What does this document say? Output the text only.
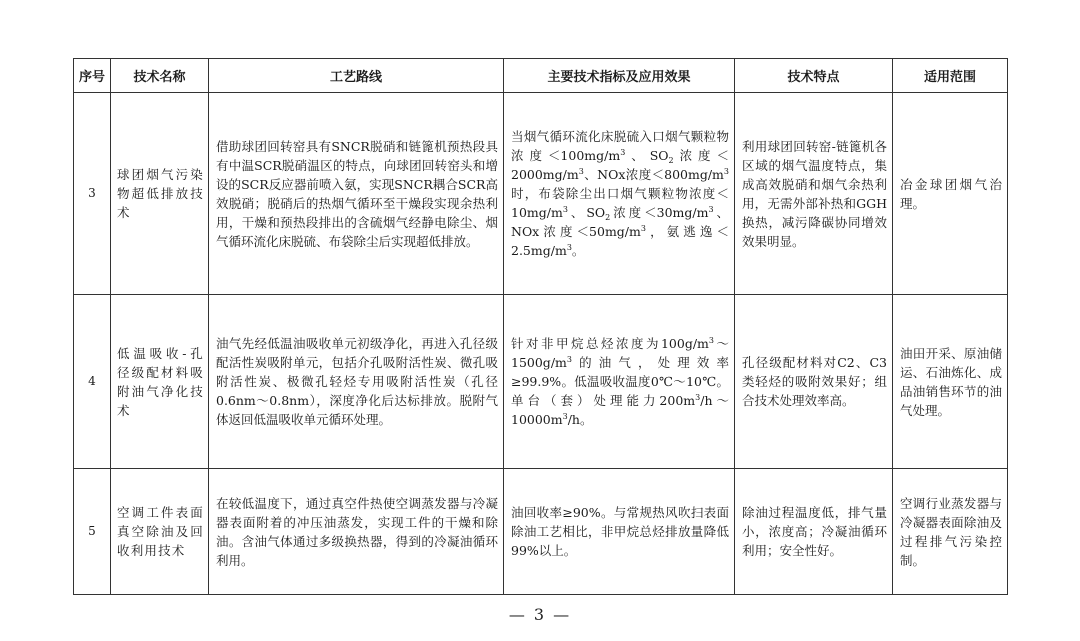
序号	技术名称	工艺路线	主要技术指标及应用效果	技术特点	适用范围
3	球团烟气污染物超低排放技术	借助球团回转窑具有SNCR脱硝和链篦机预热段具有中温SCR脱硝温区的特点，向球团回转窑头和增设的SCR反应器前喷入氨，实现SNCR耦合SCR高效脱硝；脱硝后的热烟气循环至干燥段实现余热利用，干燥和预热段排出的含硫烟气经静电除尘、烟气循环流化床脱硫、布袋除尘后实现超低排放。	当烟气循环流化床脱硫入口烟气颗粒物浓度$<100mg/m^3$、$SO_2$浓度$<2000mg/m^3$、NOx浓度$<800mg/m^3$时，布袋除尘出口烟气颗粒物浓度$<10mg/m^3$、$SO_2$浓度$<30mg/m^3$、NOx浓度$<50mg/m^3$，氨逃逸$<2.5mg/m^3$。	利用球团回转窑-链篦机各区域的烟气温度特点，集成高效脱硝和烟气余热利用，无需外部补热和GGH换热，减污降碳协同增效效果明显。	冶金球团烟气治理。

4	低温吸收-孔径级配材料吸附油气净化技术	油气先经低温油吸收单元初级净化，再进入孔径级配活性炭吸附单元，包括介孔吸附活性炭、微孔吸附活性炭、极微孔轻烃专用吸附活性炭（孔径0.6nm～0.8nm），深度净化后达标排放。脱附气体返回低温吸收单元循环处理。	针对非甲烷总烃浓度为$100g/m^3\sim 1500g/m^3$的油气，处理效率≥99.9%。低温吸收温度0℃～10℃。单台（套）处理能力$200m^3/h\sim 10000m^3/h$。	孔径级配材料对C2、C3类轻烃的吸附效果好；组合技术处理效率高。	油田开采、原油储运、石油炼化、成品油销售环节的油气处理。

5	空调工件表面真空除油及回收利用技术	在较低温度下，通过真空件热使空调蒸发器与冷凝器表面附着的冲压油蒸发，实现工件的干燥和除油。含油气体通过多级换热器，得到的冷凝油循环利用。	油回收率≥90%。与常规热风吹扫表面除油工艺相比，非甲烷总烃排放量降低99%以上。	除油过程温度低，排气量小，浓度高；冷凝油循环利用；安全性好。	空调行业蒸发器与冷凝器表面除油及过程排气污染控制。
— 3 —
